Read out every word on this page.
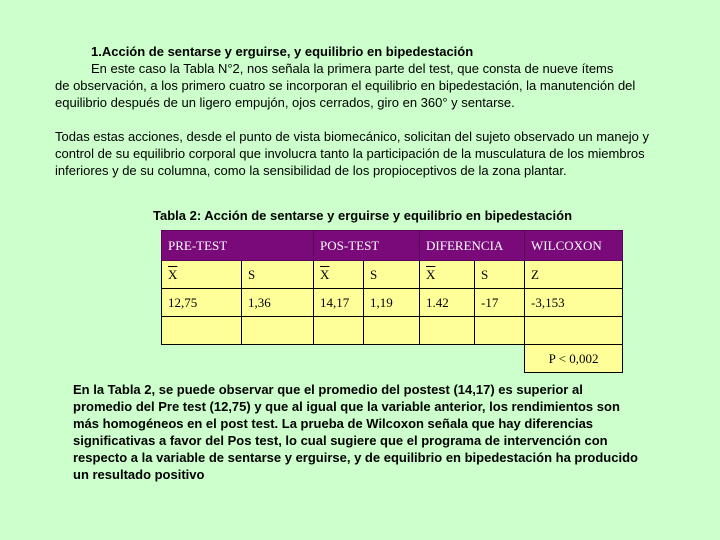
1.Acción de sentarse y erguirse, y equilibrio en bipedestación
En este caso la Tabla N°2, nos señala la primera parte del test, que consta de nueve ítems
de observación, a los primero cuatro se incorporan el equilibrio en bipedestación, la manutención del equilibrio después de un ligero empujón, ojos cerrados, giro en 360° y sentarse.
Todas estas acciones, desde el punto de vista biomecánico, solicitan del sujeto observado un manejo y control de su equilibrio corporal que involucra tanto la participación de la musculatura de los miembros inferiores y de su columna, como la sensibilidad de los propioceptivos de la zona plantar.
Tabla 2: Acción de sentarse y erguirse y equilibrio en bipedestación
PRE-TEST		POS-TEST		DIFERENCIA		WILCOXON
$\overline{X}$	S	$\overline{X}$	S	$\overline{X}$	S	Z
12,75	1,36	14,17	1,19	1.42	-17	-3,153

						P < 0,002
En la Tabla 2, se puede observar que el promedio del postest (14,17) es superior al promedio del Pre test (12,75) y que al igual que la variable anterior, los rendimientos son más homogéneos en el post test. La prueba de Wilcoxon señala que hay diferencias significativas a favor del Pos test, lo cual sugiere que el programa de intervención con respecto a la variable de sentarse y erguirse, y de equilibrio en bipedestación ha producido un resultado positivo
